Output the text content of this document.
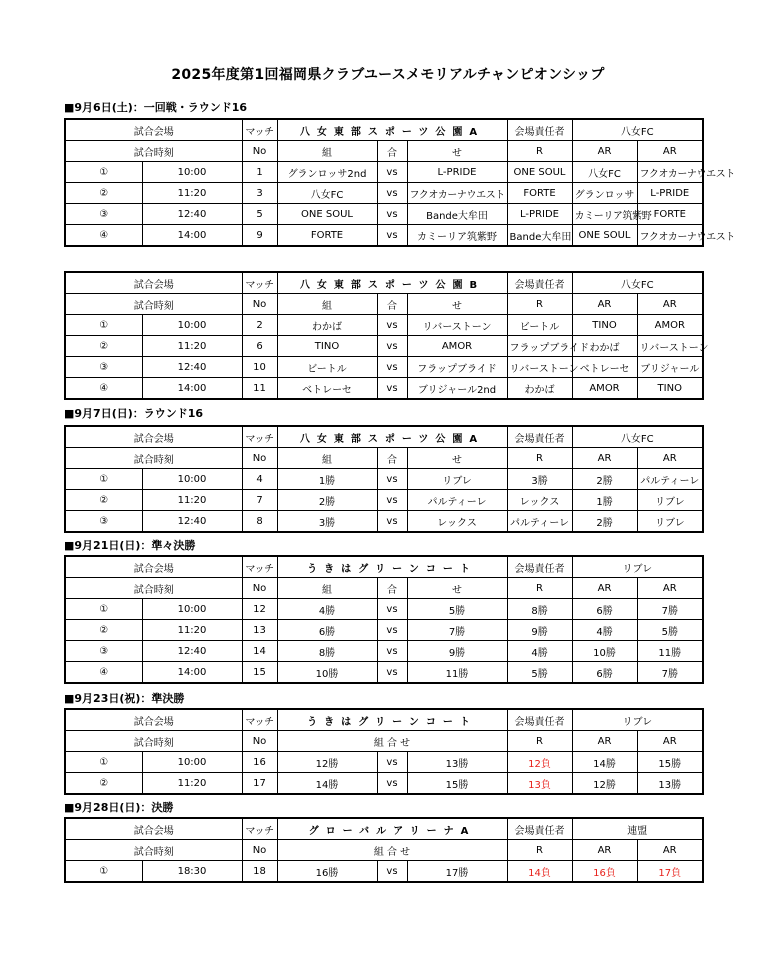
2025年度第1回福岡県クラブユースメモリアルチャンピオンシップ
■9月6日(土)：一回戦・ラウンド16
試合会場		マッチ	八女東部スポーツ公園A			会場責任者	八女FC	
試合時刻		No	組	合	せ	R	AR	AR
①	10:00	1	グランロッサ2nd	vs	L-PRIDE	ONE SOUL	八女FC	フクオカーナウエスト
②	11:20	3	八女FC	vs	フクオカーナウエスト	FORTE	グランロッサ	L-PRIDE
③	12:40	5	ONE SOUL	vs	Bande大牟田	L-PRIDE	カミーリア筑紫野	FORTE
④	14:00	9	FORTE	vs	カミーリア筑紫野	Bande大牟田	ONE SOUL	フクオカーナウエスト
試合会場		マッチ	八女東部スポーツ公園B			会場責任者	八女FC	
試合時刻		No	組	合	せ	R	AR	AR
①	10:00	2	わかば	vs	リバーストーン	ビートル	TINO	AMOR
②	11:20	6	TINO	vs	AMOR	フラップブライド	わかば	リバーストーン
③	12:40	10	ビートル	vs	フラップブライド	リバーストーン	ベトレーセ	ブリジャール
④	14:00	11	ベトレーセ	vs	ブリジャール2nd	わかば	AMOR	TINO
■9月7日(日)：ラウンド16
試合会場		マッチ	八女東部スポーツ公園A			会場責任者	八女FC	
試合時刻		No	組	合	せ	R	AR	AR
①	10:00	4	1勝	vs	リブレ	3勝	2勝	パルティーレ
②	11:20	7	2勝	vs	パルティーレ	レックス	1勝	リブレ
③	12:40	8	3勝	vs	レックス	パルティーレ	2勝	リブレ
■9月21日(日)：準々決勝
試合会場		マッチ	うきはグリーンコート			会場責任者	リブレ	
試合時刻		No	組	合	せ	R	AR	AR
①	10:00	12	4勝	vs	5勝	8勝	6勝	7勝
②	11:20	13	6勝	vs	7勝	9勝	4勝	5勝
③	12:40	14	8勝	vs	9勝	4勝	10勝	11勝
④	14:00	15	10勝	vs	11勝	5勝	6勝	7勝
■9月23日(祝)：準決勝
試合会場		マッチ	うきはグリーンコート			会場責任者	リブレ	
試合時刻		No	組 合 せ			R	AR	AR
①	10:00	16	12勝	vs	13勝	12負	14勝	15勝
②	11:20	17	14勝	vs	15勝	13負	12勝	13勝
■9月28日(日)：決勝
試合会場		マッチ	グローバルアリーナA			会場責任者	連盟	
試合時刻		No	組 合 せ			R	AR	AR
①	18:30	18	16勝	vs	17勝	14負	16負	17負
